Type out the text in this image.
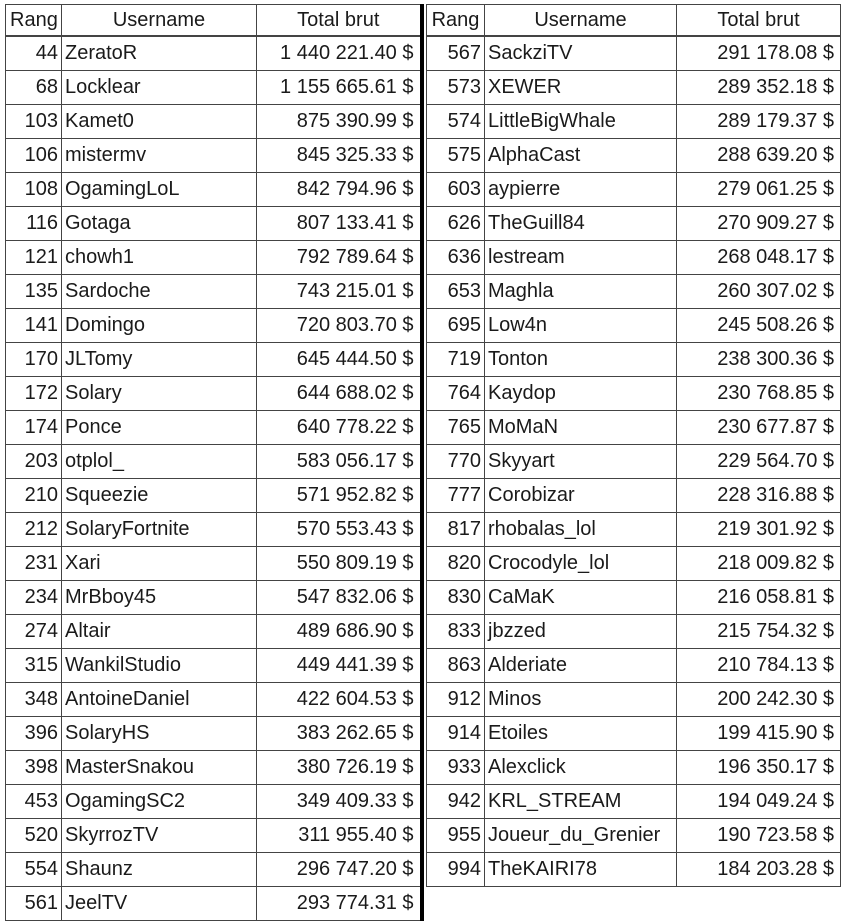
Rang	Username	Total brut
44	ZeratoR	1 440 221.40 $
68	Locklear	1 155 665.61 $
103	Kamet0	875 390.99 $
106	mistermv	845 325.33 $
108	OgamingLoL	842 794.96 $
116	Gotaga	807 133.41 $
121	chowh1	792 789.64 $
135	Sardoche	743 215.01 $
141	Domingo	720 803.70 $
170	JLTomy	645 444.50 $
172	Solary	644 688.02 $
174	Ponce	640 778.22 $
203	otplol_	583 056.17 $
210	Squeezie	571 952.82 $
212	SolaryFortnite	570 553.43 $
231	Xari	550 809.19 $
234	MrBboy45	547 832.06 $
274	Altair	489 686.90 $
315	WankilStudio	449 441.39 $
348	AntoineDaniel	422 604.53 $
396	SolaryHS	383 262.65 $
398	MasterSnakou	380 726.19 $
453	OgamingSC2	349 409.33 $
520	SkyrrozTV	311 955.40 $
554	Shaunz	296 747.20 $
561	JeelTV	293 774.31 $
Rang	Username	Total brut
567	SackziTV	291 178.08 $
573	XEWER	289 352.18 $
574	LittleBigWhale	289 179.37 $
575	AlphaCast	288 639.20 $
603	aypierre	279 061.25 $
626	TheGuill84	270 909.27 $
636	lestream	268 048.17 $
653	Maghla	260 307.02 $
695	Low4n	245 508.26 $
719	Tonton	238 300.36 $
764	Kaydop	230 768.85 $
765	MoMaN	230 677.87 $
770	Skyyart	229 564.70 $
777	Corobizar	228 316.88 $
817	rhobalas_lol	219 301.92 $
820	Crocodyle_lol	218 009.82 $
830	CaMaK	216 058.81 $
833	jbzzed	215 754.32 $
863	Alderiate	210 784.13 $
912	Minos	200 242.30 $
914	Etoiles	199 415.90 $
933	Alexclick	196 350.17 $
942	KRL_STREAM	194 049.24 $
955	Joueur_du_Grenier	190 723.58 $
994	TheKAIRI78	184 203.28 $
